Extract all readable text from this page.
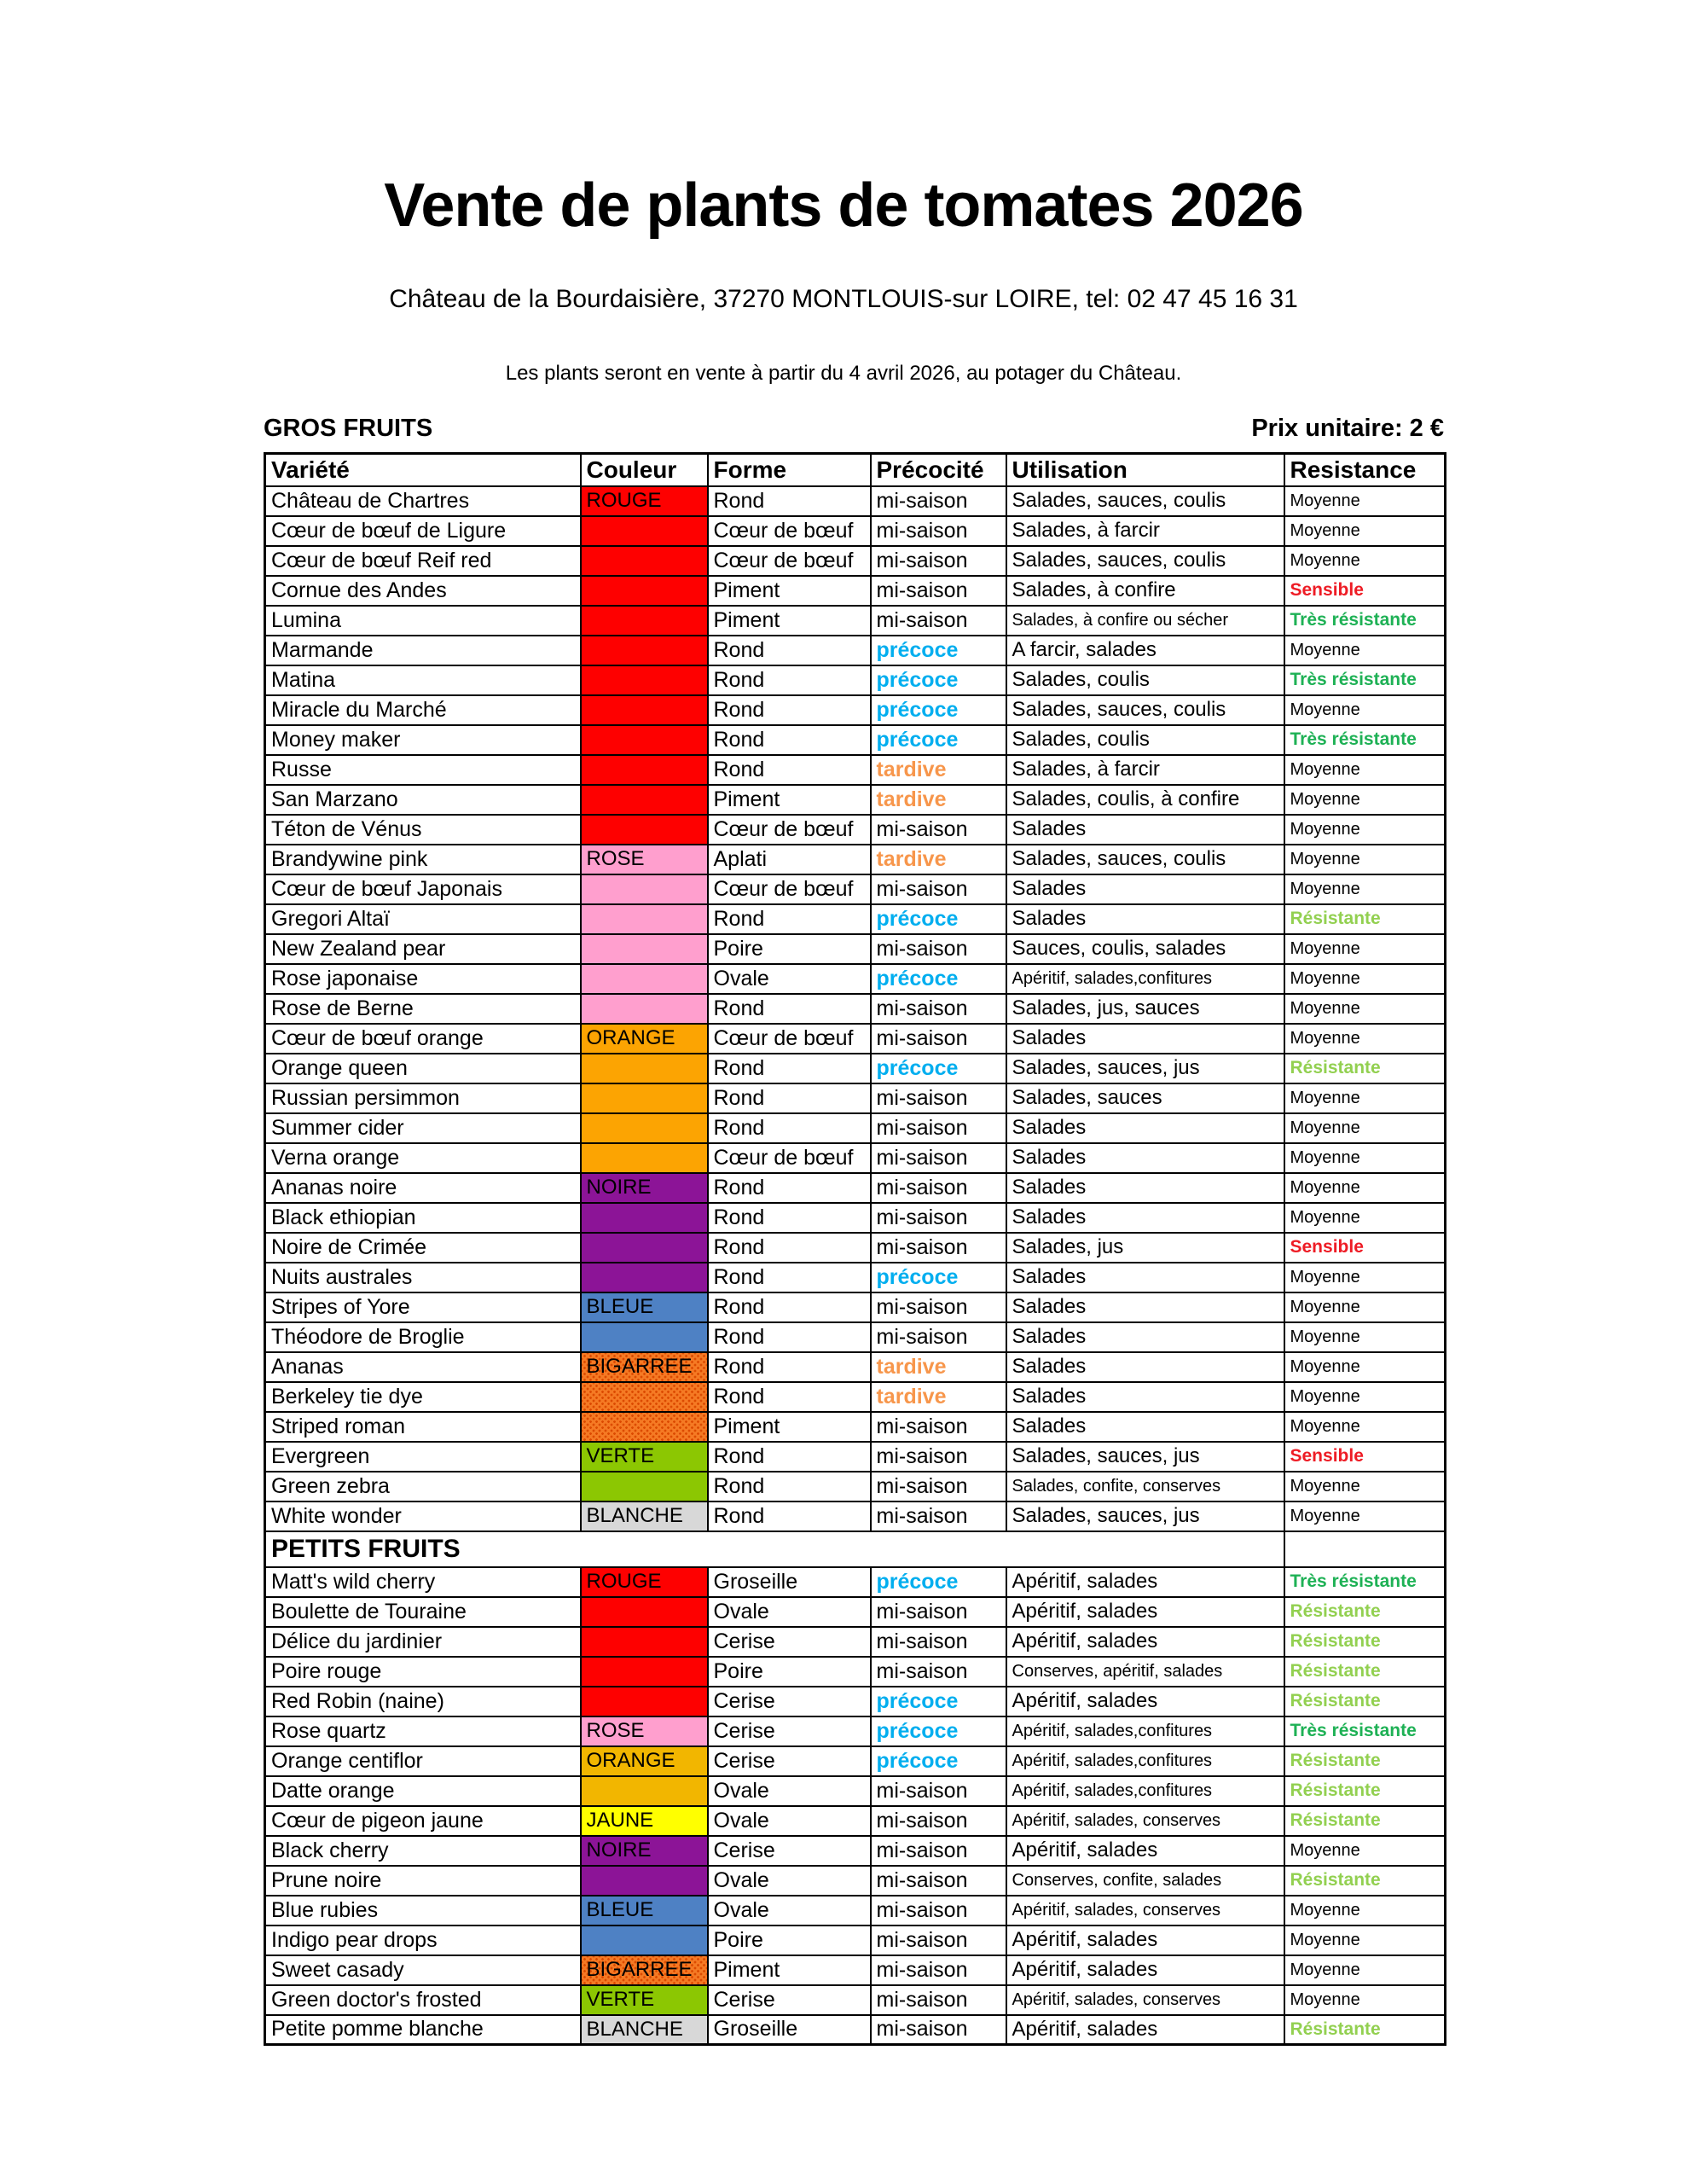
Vente de plants de tomates 2026
Château de la Bourdaisière, 37270 MONTLOUIS-sur LOIRE, tel: 02 47 45 16 31
Les plants seront en vente à partir du 4 avril 2026, au potager du Château.
GROS FRUITS	Prix unitaire: 2 €
Variété	Couleur	Forme	Précocité	Utilisation	Resistance
Château de Chartres	ROUGE	Rond	mi-saison	Salades, sauces, coulis	Moyenne
Cœur de bœuf de Ligure		Cœur de bœuf	mi-saison	Salades, à farcir	Moyenne
Cœur de bœuf Reif red		Cœur de bœuf	mi-saison	Salades, sauces, coulis	Moyenne
Cornue des Andes		Piment	mi-saison	Salades, à confire	Sensible
Lumina		Piment	mi-saison	Salades, à confire ou sécher	Très résistante
Marmande		Rond	précoce	A farcir, salades	Moyenne
Matina		Rond	précoce	Salades, coulis	Très résistante
Miracle du Marché		Rond	précoce	Salades, sauces, coulis	Moyenne
Money maker		Rond	précoce	Salades, coulis	Très résistante
Russe		Rond	tardive	Salades, à farcir	Moyenne
San Marzano		Piment	tardive	Salades, coulis, à confire	Moyenne
Téton de Vénus		Cœur de bœuf	mi-saison	Salades	Moyenne
Brandywine pink	ROSE	Aplati	tardive	Salades, sauces, coulis	Moyenne
Cœur de bœuf Japonais		Cœur de bœuf	mi-saison	Salades	Moyenne
Gregori Altaï		Rond	précoce	Salades	Résistante
New Zealand pear		Poire	mi-saison	Sauces, coulis, salades	Moyenne
Rose japonaise		Ovale	précoce	Apéritif, salades,confitures	Moyenne
Rose de Berne		Rond	mi-saison	Salades, jus, sauces	Moyenne
Cœur de bœuf orange	ORANGE	Cœur de bœuf	mi-saison	Salades	Moyenne
Orange queen		Rond	précoce	Salades, sauces, jus	Résistante
Russian persimmon		Rond	mi-saison	Salades, sauces	Moyenne
Summer cider		Rond	mi-saison	Salades	Moyenne
Verna orange		Cœur de bœuf	mi-saison	Salades	Moyenne
Ananas noire	NOIRE	Rond	mi-saison	Salades	Moyenne
Black ethiopian		Rond	mi-saison	Salades	Moyenne
Noire de Crimée		Rond	mi-saison	Salades, jus	Sensible
Nuits australes		Rond	précoce	Salades	Moyenne
Stripes of Yore	BLEUE	Rond	mi-saison	Salades	Moyenne
Théodore de Broglie		Rond	mi-saison	Salades	Moyenne
Ananas	BIGARREE	Rond	tardive	Salades	Moyenne
Berkeley tie dye		Rond	tardive	Salades	Moyenne
Striped roman		Piment	mi-saison	Salades	Moyenne
Evergreen	VERTE	Rond	mi-saison	Salades, sauces, jus	Sensible
Green zebra		Rond	mi-saison	Salades, confite, conserves	Moyenne
White wonder	BLANCHE	Rond	mi-saison	Salades, sauces, jus	Moyenne
PETITS FRUITS					
Matt's wild cherry	ROUGE	Groseille	précoce	Apéritif, salades	Très résistante
Boulette de Touraine		Ovale	mi-saison	Apéritif, salades	Résistante
Délice du jardinier		Cerise	mi-saison	Apéritif, salades	Résistante
Poire rouge		Poire	mi-saison	Conserves, apéritif, salades	Résistante
Red Robin (naine)		Cerise	précoce	Apéritif, salades	Résistante
Rose quartz	ROSE	Cerise	précoce	Apéritif, salades,confitures	Très résistante
Orange centiflor	ORANGE	Cerise	précoce	Apéritif, salades,confitures	Résistante
Datte orange		Ovale	mi-saison	Apéritif, salades,confitures	Résistante
Cœur de pigeon jaune	JAUNE	Ovale	mi-saison	Apéritif, salades, conserves	Résistante
Black cherry	NOIRE	Cerise	mi-saison	Apéritif, salades	Moyenne
Prune noire		Ovale	mi-saison	Conserves, confite, salades	Résistante
Blue rubies	BLEUE	Ovale	mi-saison	Apéritif, salades, conserves	Moyenne
Indigo pear drops		Poire	mi-saison	Apéritif, salades	Moyenne
Sweet casady	BIGARREE	Piment	mi-saison	Apéritif, salades	Moyenne
Green doctor's frosted	VERTE	Cerise	mi-saison	Apéritif, salades, conserves	Moyenne
Petite pomme blanche	BLANCHE	Groseille	mi-saison	Apéritif, salades	Résistante
